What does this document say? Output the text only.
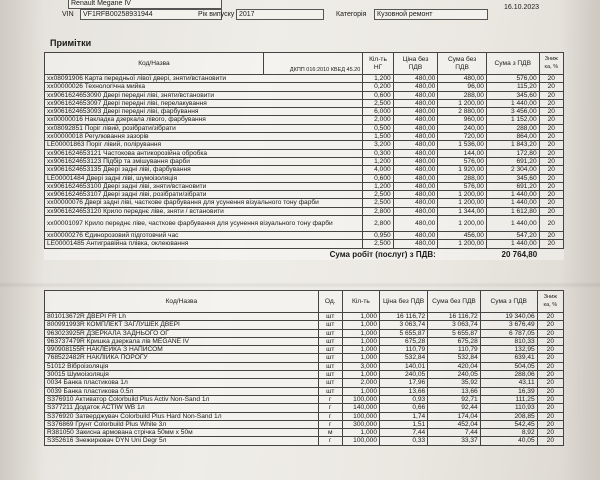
Renault Megane IV
VIN	VF1RFB00258931944	Рік випуску 2017	Категорія	Кузовной ремонт
16.10.2023
Примітки
Код/Назва	ДКПП 016:2010 КВЕД 45.20	Кіл-ть НГ	Ціна без ПДВ	Сума без ПДВ	Сума з ПДВ	Зниж ка, %
xx08091906 Карта передньої лівої двері, зняти/встановити		1,200	480,00	480,00	576,00	20
xx00000026 Технологічна мийка		0,200	480,00	96,00	115,20	20
xx9061624653090 Двері передні ліві, зняти/встановити		0,600	480,00	288,00	345,60	20
xx9061624653097 Двері передні ліві, перелакування		2,500	480,00	1 200,00	1 440,00	20
xx9061624653093 Двері передні ліві, фарбування		6,000	480,00	2 880,00	3 456,00	20
xx00000016 Накладка дзеркала лівого, фарбування		2,000	480,00	960,00	1 152,00	20
xx08092851 Поріг лівий, розібрати/зібрати		0,500	480,00	240,00	288,00	20
xx00000018 Регулювання зазорів		1,500	480,00	720,00	864,00	20
LE00001863 Поріг лівий, полірування		3,200	480,00	1 536,00	1 843,20	20
xx9061624653121 Частокова антикорозійна обробка		0,300	480,00	144,00	172,80	20
xx9061624653123 Підбір та змішування фарби		1,200	480,00	576,00	691,20	20
xx9061624653135 Двері задні ліві, фарбування		4,000	480,00	1 920,00	2 304,00	20
LE00001484 Двері задні ліві, шумоізоляція		0,600	480,00	288,00	345,60	20
xx9061624653100 Двері задні ліві, зняти/встановити		1,200	480,00	576,00	691,20	20
xx9061624653107 Двері задні ліві, розібрати/зібрати		2,500	480,00	1 200,00	1 440,00	20
xx00000076 Двері задні ліві, часткове фарбування для усунення візуального тону фарби		2,500	480,00	1 200,00	1 440,00	20
xx9061624653120 Крило переднє ліве, зняти / встановити		2,800	480,00	1 344,00	1 612,80	20
xx00001097 Крило переднє ліве, часткове фарбування для усунення візуального тону фарби		2,800	480,00	1 200,00	1 440,00	20
xx00000276 Єдинорозовий підготовчий час		0,950	480,00	456,00	547,20	20
LE00001485 Антигравійна плівка, оклеювання		2,500	480,00	1 200,00	1 440,00	20
Сума робіт (послуг) з ПДВ:				20 764,80		
Код/Назва	Од.	Кіл-ть	Ціна без ПДВ	Сума без ПДВ	Сума з ПДВ	Зниж ка, %
801013672R ДВЕРІ FR Lh	шт	1,000	16 116,72	16 116,72	19 340,06	20
800991993R КОМПЛЕКТ ЗАГЛУШЕК ДВЕРІ	шт	1,000	3 063,74	3 063,74	3 676,49	20
963023925R ДЗЕРКАЛА ЗАДНЬОГО ОГ	шт	1,000	5 655,87	5 655,87	6 787,05	20
963737479R Кришка дзеркала лів MEGANE IV	шт	1,000	675,28	675,28	810,33	20
990908155R НАКЛЕЙКА З НАПИСОМ	шт	1,000	110,79	110,79	132,95	20
768522482R НАКЛІЙКА ПОРОГУ	шт	1,000	532,84	532,84	639,41	20
51012 Віброізоляція	шт	3,000	140,01	420,04	504,05	20
30015 Шумоізоляція	шт	1,000	240,05	240,05	288,06	20
0034 Банка пластикова 1л	шт	2,000	17,96	35,92	43,11	20
0039 Банка пластикова 0.5л	шт	1,000	13,66	13,66	16,39	20
S376910 Активатор Colorbuild Plus Activ Non-Sand 1л	г	100,000	0,93	92,71	111,25	20
S377211 Додаток ACTIW WB 1л	г	140,000	0,66	92,44	110,93	20
S376920 Затверджувач Colorbuild Plus Hard Non-Sand 1л	г	100,000	1,74	174,04	208,85	20
S376869 Грунт Colorbuild Plus White 3л	г	300,000	1,51	452,04	542,45	20
R381050 Закисна армована стрічка 50мм х 50м	м	1,000	7,44	7,44	8,92	20
S352616 Знежирювач DYN Uni Degr 5л	г	100,000	0,33	33,37	40,05	20
